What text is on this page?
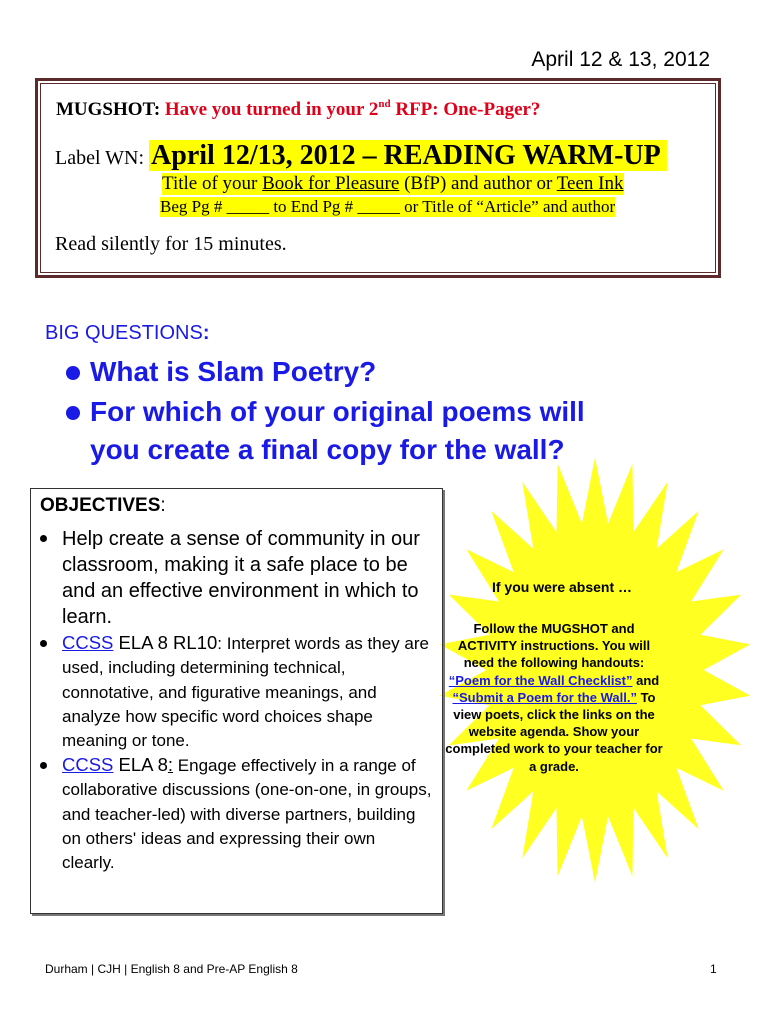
April 12 & 13, 2012
MUGSHOT: Have you turned in your 2nd RFP: One-Pager?
Label WN: April 12/13, 2012 – READING WARM-UP
Title of your Book for Pleasure (BfP) and author or Teen Ink
Beg Pg # _____ to End Pg # _____ or Title of “Article” and author
Read silently for 15 minutes.
BIG QUESTIONS:
What is Slam Poetry?
For which of your original poems will
you create a final copy for the wall?
OBJECTIVES:
Help create a sense of community in our classroom, making it a safe place to be and an effective environment in which to learn.
CCSS ELA 8 RL10: Interpret words as they are used, including determining technical, connotative, and figurative meanings, and analyze how specific word choices shape meaning or tone.
CCSS ELA 8: Engage effectively in a range of collaborative discussions (one-on-one, in groups, and teacher-led) with diverse partners, building on others' ideas and expressing their own clearly.
If you were absent …
Follow the MUGSHOT and ACTIVITY instructions. You will need the following handouts: “Poem for the Wall Checklist” and “Submit a Poem for the Wall.” To view poets, click the links on the website agenda. Show your completed work to your teacher for a grade.
Durham | CJH | English 8 and Pre-AP English 8	1
